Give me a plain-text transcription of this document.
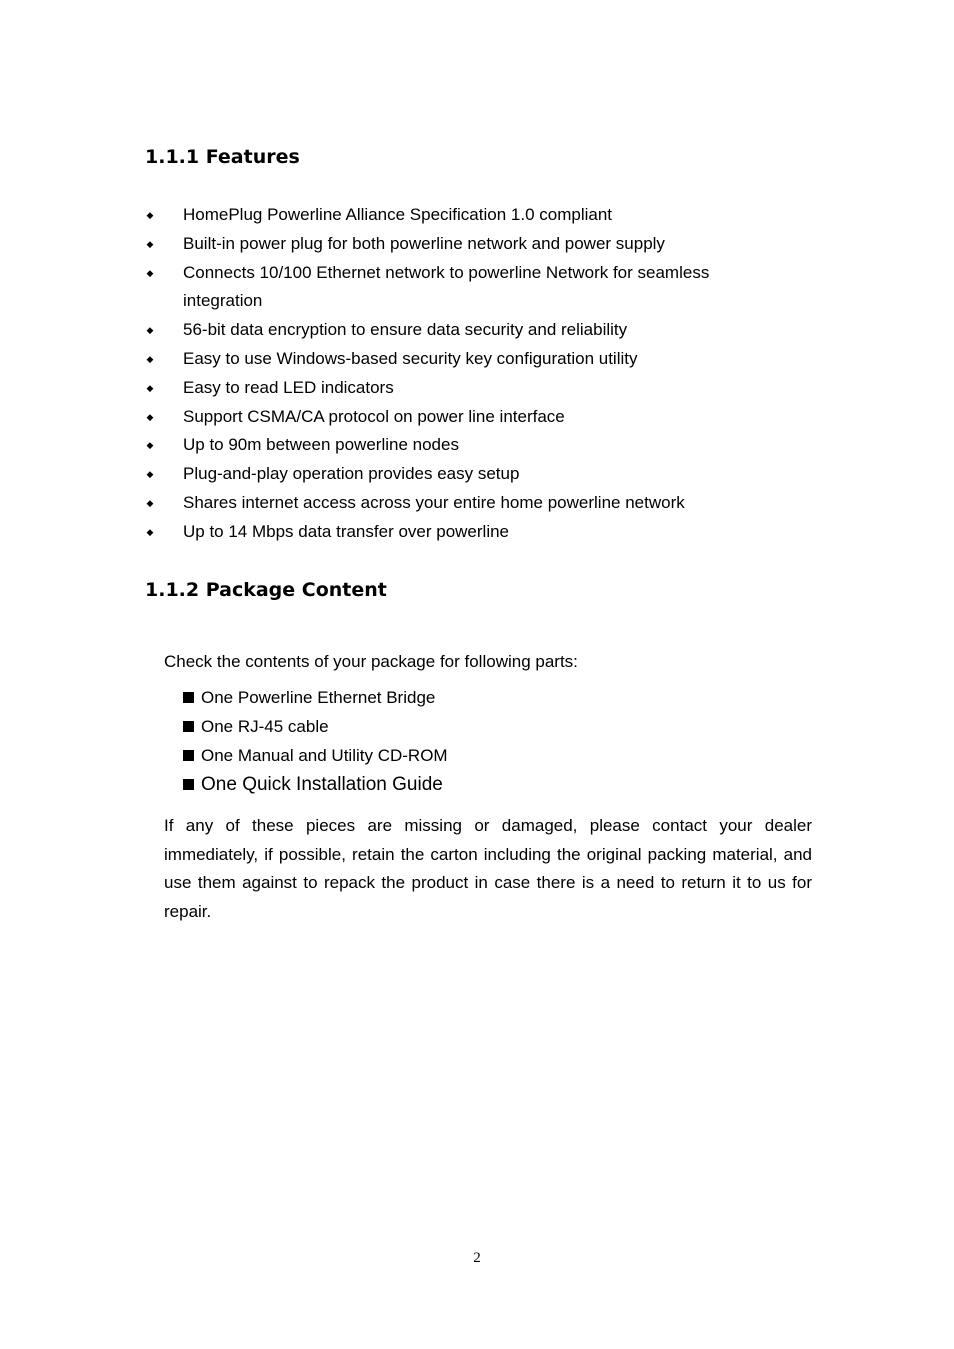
1.1.1 Features
◆ HomePlug Powerline Alliance Specification 1.0 compliant
◆ Built-in power plug for both powerline network and power supply
◆ Connects 10/100 Ethernet network to powerline Network for seamless integration
◆ 56-bit data encryption to ensure data security and reliability
◆ Easy to use Windows-based security key configuration utility
◆ Easy to read LED indicators
◆ Support CSMA/CA protocol on power line interface
◆ Up to 90m between powerline nodes
◆ Plug-and-play operation provides easy setup
◆ Shares internet access across your entire home powerline network
◆ Up to 14 Mbps data transfer over powerline
1.1.2 Package Content

Check the contents of your package for following parts:

One Powerline Ethernet Bridge
One RJ-45 cable
One Manual and Utility CD-ROM
One Quick Installation Guide

If any of these pieces are missing or damaged, please contact your dealer immediately, if possible, retain the carton including the original packing material, and use them against to repack the product in case there is a need to return it to us for repair.

2
